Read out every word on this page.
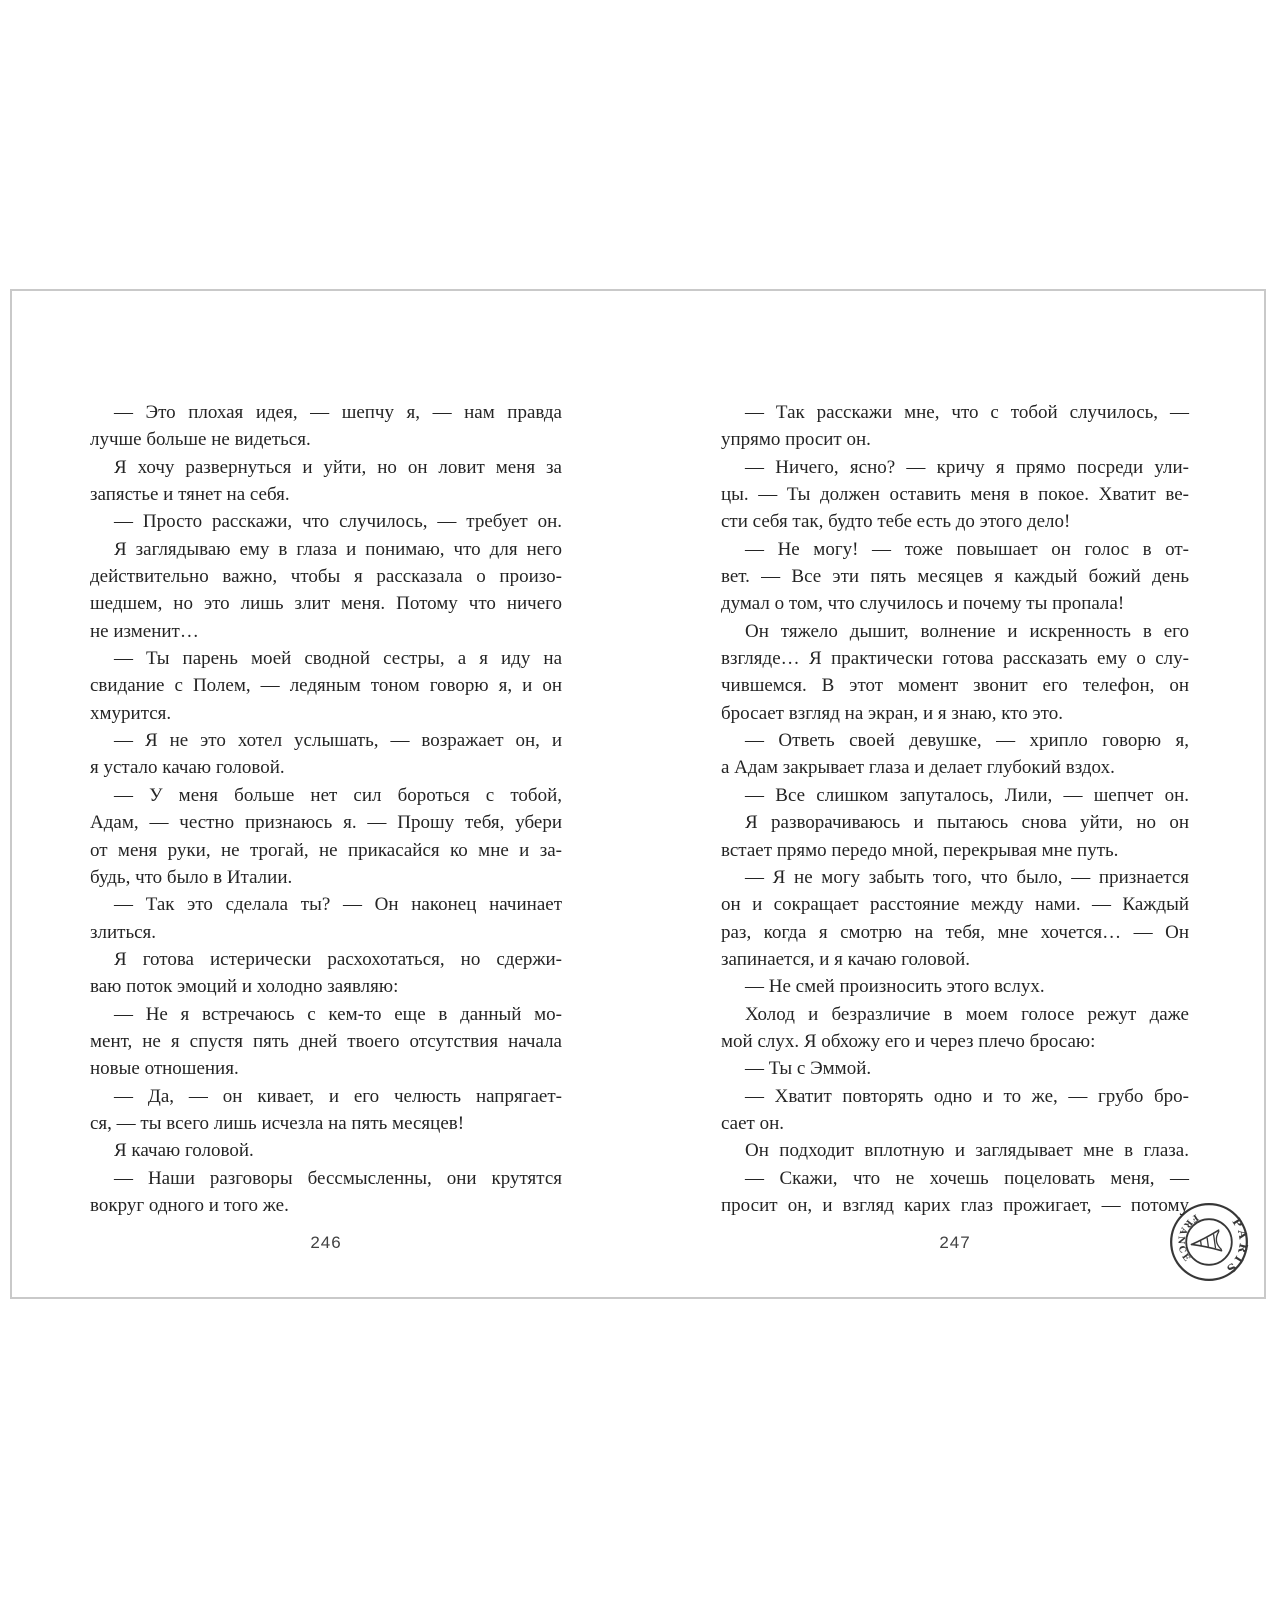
— Это плохая идея, — шепчу я, — нам правда
лучше больше не видеться.
Я хочу развернуться и уйти, но он ловит меня за
запястье и тянет на себя.
— Просто расскажи, что случилось, — требует он.
Я заглядываю ему в глаза и понимаю, что для него
действительно важно, чтобы я рассказала о произо-
шедшем, но это лишь злит меня. Потому что ничего
не изменит…
— Ты парень моей сводной сестры, а я иду на
свидание с Полем, — ледяным тоном говорю я, и он
хмурится.
— Я не это хотел услышать, — возражает он, и
я устало качаю головой.
— У меня больше нет сил бороться с тобой,
Адам, — честно признаюсь я. — Прошу тебя, убери
от меня руки, не трогай, не прикасайся ко мне и за-
будь, что было в Италии.
— Так это сделала ты? — Он наконец начинает
злиться.
Я готова истерически расхохотаться, но сдержи-
ваю поток эмоций и холодно заявляю:
— Не я встречаюсь с кем-то еще в данный мо-
мент, не я спустя пять дней твоего отсутствия начала
новые отношения.
— Да, — он кивает, и его челюсть напрягает-
ся, — ты всего лишь исчезла на пять месяцев!
Я качаю головой.
— Наши разговоры бессмысленны, они крутятся
вокруг одного и того же.
— Так расскажи мне, что с тобой случилось, —
упрямо просит он.
— Ничего, ясно? — кричу я прямо посреди ули-
цы. — Ты должен оставить меня в покое. Хватит ве-
сти себя так, будто тебе есть до этого дело!
— Не могу! — тоже повышает он голос в от-
вет. — Все эти пять месяцев я каждый божий день
думал о том, что случилось и почему ты пропала!
Он тяжело дышит, волнение и искренность в его
взгляде… Я практически готова рассказать ему о слу-
чившемся. В этот момент звонит его телефон, он
бросает взгляд на экран, и я знаю, кто это.
— Ответь своей девушке, — хрипло говорю я,
а Адам закрывает глаза и делает глубокий вздох.
— Все слишком запуталось, Лили, — шепчет он.
Я разворачиваюсь и пытаюсь снова уйти, но он
встает прямо передо мной, перекрывая мне путь.
— Я не могу забыть того, что было, — признается
он и сокращает расстояние между нами. — Каждый
раз, когда я смотрю на тебя, мне хочется… — Он
запинается, и я качаю головой.
— Не смей произносить этого вслух.
Холод и безразличие в моем голосе режут даже
мой слух. Я обхожу его и через плечо бросаю:
— Ты с Эммой.
— Хватит повторять одно и то же, — грубо бро-
сает он.
Он подходит вплотную и заглядывает мне в глаза.
— Скажи, что не хочешь поцеловать меня, —
просит он, и взгляд карих глаз прожигает, — потому
246	247
PARIS
FRANCE
